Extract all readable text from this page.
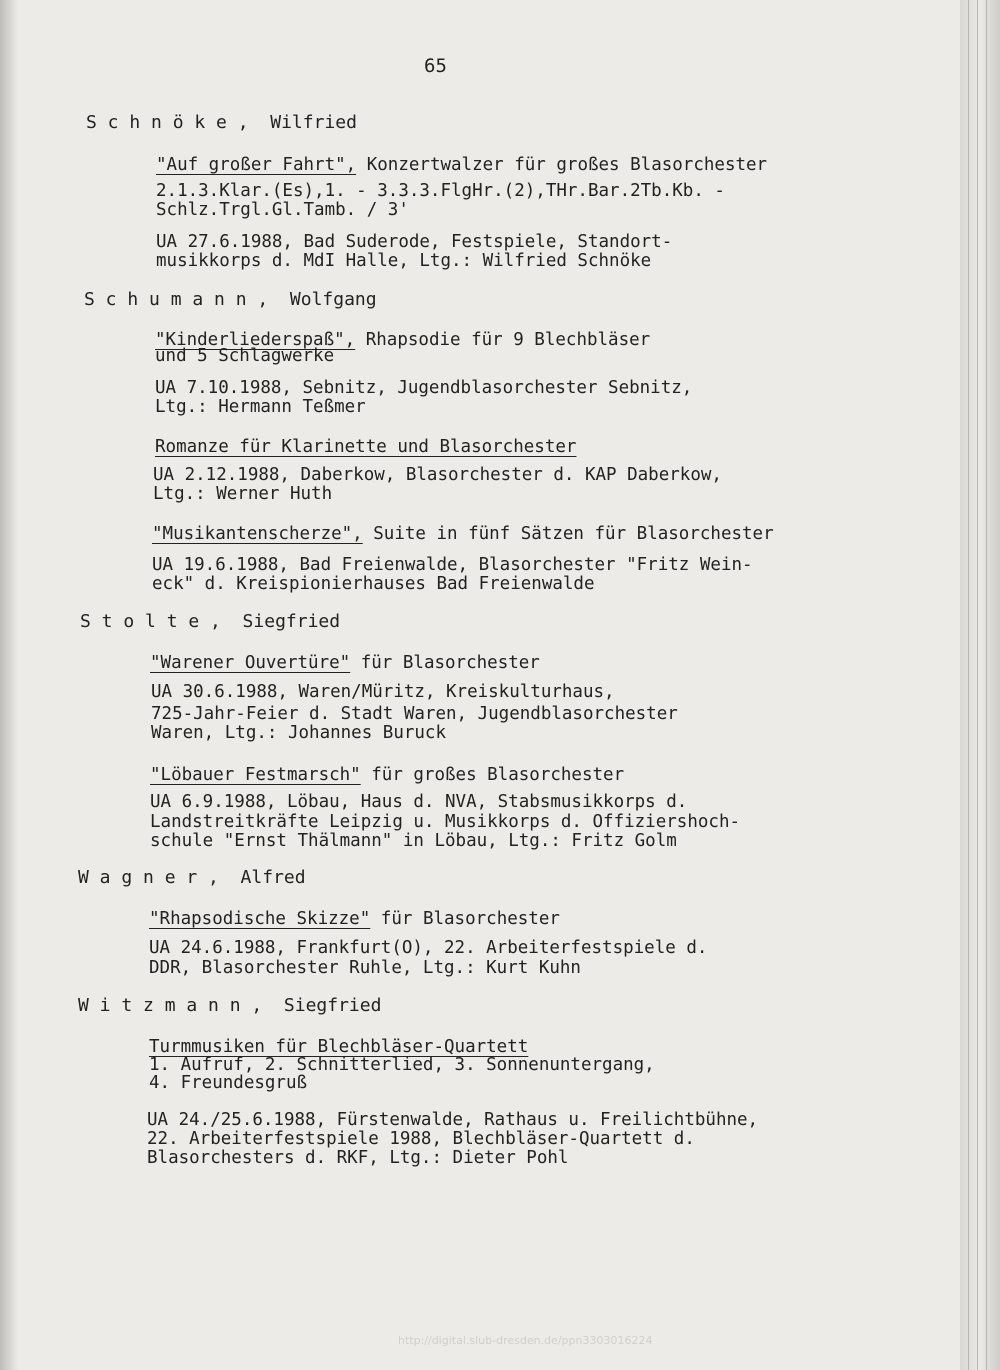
65
S c h n ö k e ,  Wilfried
"Auf großer Fahrt", Konzertwalzer für großes Blasorchester
2.1.3.Klar.(Es),1. - 3.3.3.FlgHr.(2),THr.Bar.2Tb.Kb. -
Schlz.Trgl.Gl.Tamb. / 3'
UA 27.6.1988, Bad Suderode, Festspiele, Standort-
musikkorps d. MdI Halle, Ltg.: Wilfried Schnöke
S c h u m a n n ,  Wolfgang
"Kinderliederspaß", Rhapsodie für 9 Blechbläser
und 5 Schlagwerke
UA 7.10.1988, Sebnitz, Jugendblasorchester Sebnitz,
Ltg.: Hermann Teßmer
Romanze für Klarinette und Blasorchester
UA 2.12.1988, Daberkow, Blasorchester d. KAP Daberkow,
Ltg.: Werner Huth
"Musikantenscherze", Suite in fünf Sätzen für Blasorchester
UA 19.6.1988, Bad Freienwalde, Blasorchester "Fritz Wein-
eck" d. Kreispionierhauses Bad Freienwalde
S t o l t e ,  Siegfried
"Warener Ouvertüre" für Blasorchester
UA 30.6.1988, Waren/Müritz, Kreiskulturhaus,
725-Jahr-Feier d. Stadt Waren, Jugendblasorchester
Waren, Ltg.: Johannes Buruck
"Löbauer Festmarsch" für großes Blasorchester
UA 6.9.1988, Löbau, Haus d. NVA, Stabsmusikkorps d.
Landstreitkräfte Leipzig u. Musikkorps d. Offiziershoch-
schule "Ernst Thälmann" in Löbau, Ltg.: Fritz Golm
W a g n e r ,  Alfred
"Rhapsodische Skizze" für Blasorchester
UA 24.6.1988, Frankfurt(O), 22. Arbeiterfestspiele d.
DDR, Blasorchester Ruhle, Ltg.: Kurt Kuhn
W i t z m a n n ,  Siegfried
Turmmusiken für Blechbläser-Quartett
1. Aufruf, 2. Schnitterlied, 3. Sonnenuntergang,
4. Freundesgruß
UA 24./25.6.1988, Fürstenwalde, Rathaus u. Freilichtbühne,
22. Arbeiterfestspiele 1988, Blechbläser-Quartett d.
Blasorchesters d. RKF, Ltg.: Dieter Pohl
http://digital.slub-dresden.de/ppn3303016224
